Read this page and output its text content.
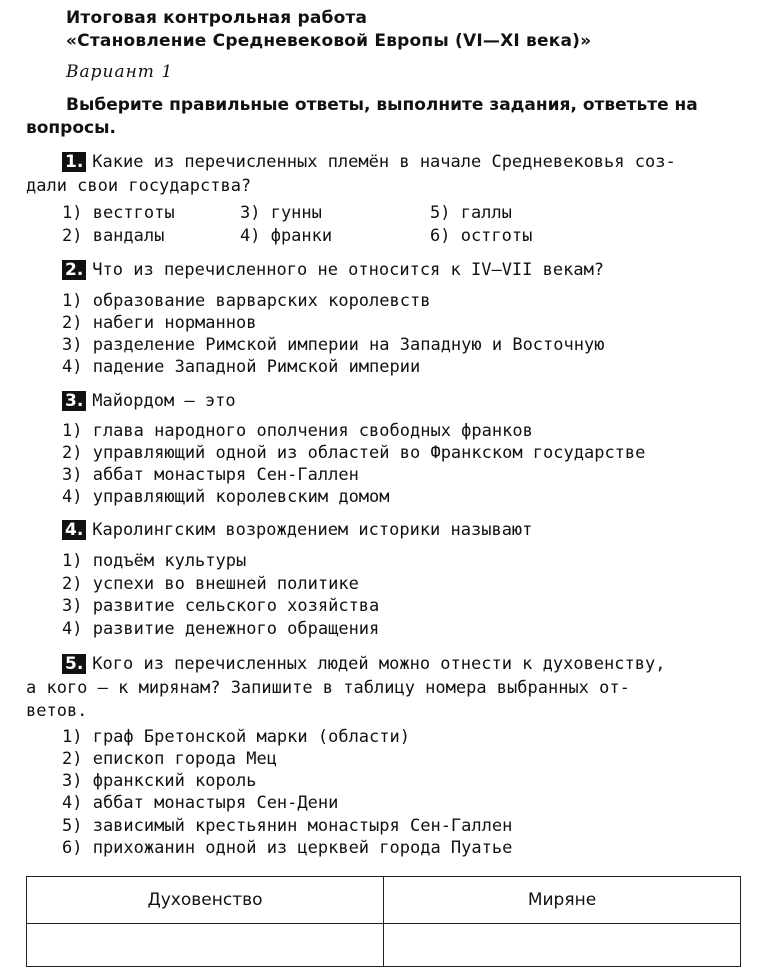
Итоговая контрольная работа
«Становление Средневековой Европы (VI—XI века)»
Вариант 1
Выберите правильные ответы, выполните задания, ответьте на
вопросы.
1. Какие из перечисленных племён в начале Средневековья соз-
дали свои государства?
1) вестготы
2) вандалы
3) гунны
4) франки
5) галлы
6) остготы
2. Что из перечисленного не относится к IV—VII векам?
1) образование варварских королевств
2) набеги норманнов
3) разделение Римской империи на Западную и Восточную
4) падение Западной Римской империи
3. Майордом — это
1) глава народного ополчения свободных франков
2) управляющий одной из областей во Франкском государстве
3) аббат монастыря Сен-Галлен
4) управляющий королевским домом
4. Каролингским возрождением историки называют
1) подъём культуры
2) успехи во внешней политике
3) развитие сельского хозяйства
4) развитие денежного обращения
5. Кого из перечисленных людей можно отнести к духовенству,
а кого — к мирянам? Запишите в таблицу номера выбранных от-
ветов.
1) граф Бретонской марки (области)
2) епископ города Мец
3) франкский король
4) аббат монастыря Сен-Дени
5) зависимый крестьянин монастыря Сен-Галлен
6) прихожанин одной из церквей города Пуатье
Духовенство	Миряне
